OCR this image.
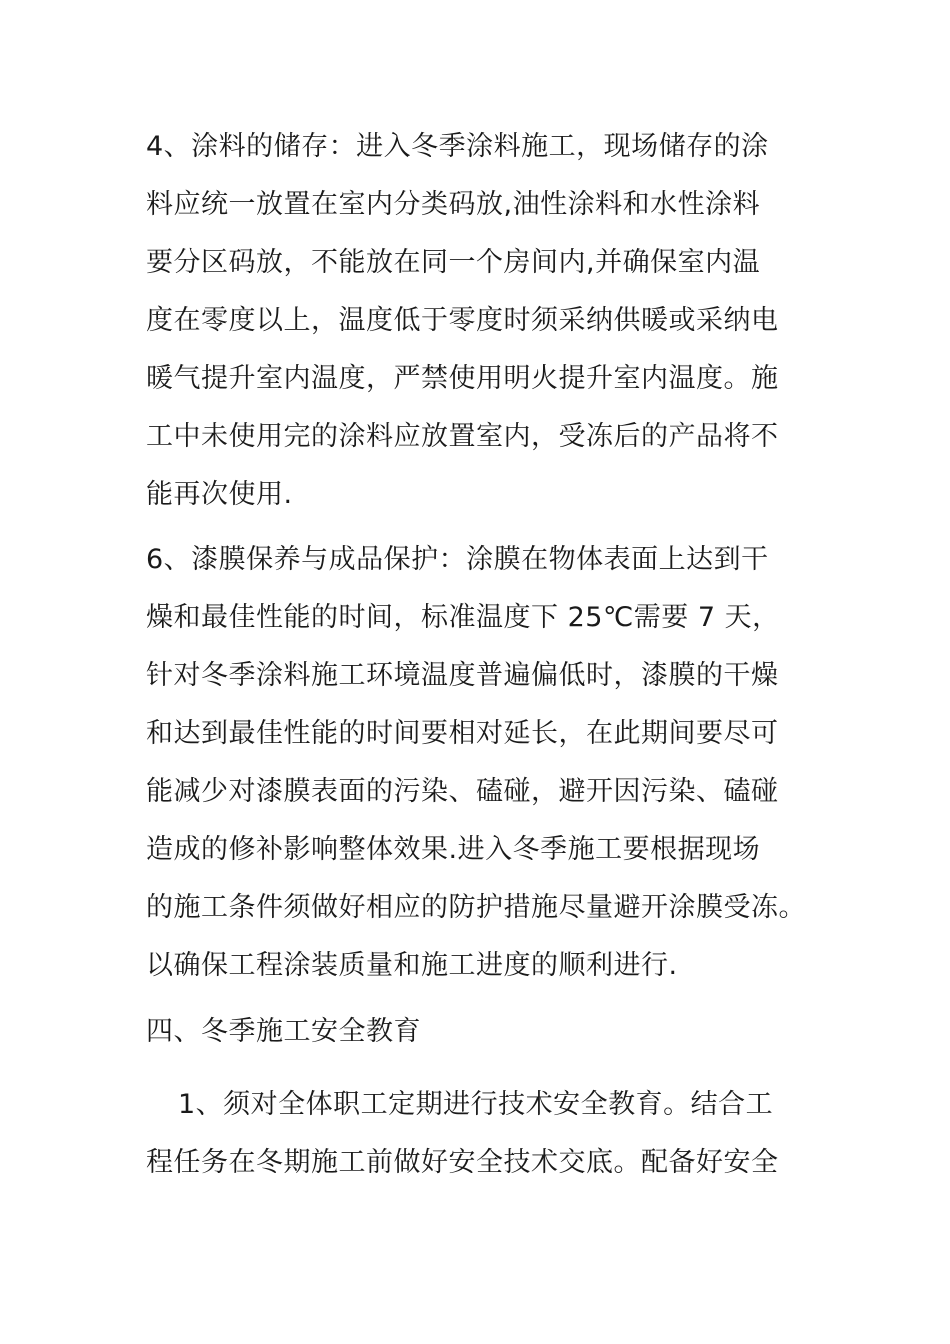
4、涂料的储存：进入冬季涂料施工，现场储存的涂
料应统一放置在室内分类码放,油性涂料和水性涂料
要分区码放，不能放在同一个房间内,并确保室内温
度在零度以上，温度低于零度时须采纳供暖或采纳电
暖气提升室内温度，严禁使用明火提升室内温度。施
工中未使用完的涂料应放置室内，受冻后的产品将不
能再次使用.
6、漆膜保养与成品保护：涂膜在物体表面上达到干
燥和最佳性能的时间，标准温度下 25℃需要 7 天，
针对冬季涂料施工环境温度普遍偏低时，漆膜的干燥
和达到最佳性能的时间要相对延长，在此期间要尽可
能减少对漆膜表面的污染、磕碰，避开因污染、磕碰
造成的修补影响整体效果.进入冬季施工要根据现场
的施工条件须做好相应的防护措施尽量避开涂膜受冻。
以确保工程涂装质量和施工进度的顺利进行.
四、冬季施工安全教育
1、须对全体职工定期进行技术安全教育。结合工
程任务在冬期施工前做好安全技术交底。配备好安全
